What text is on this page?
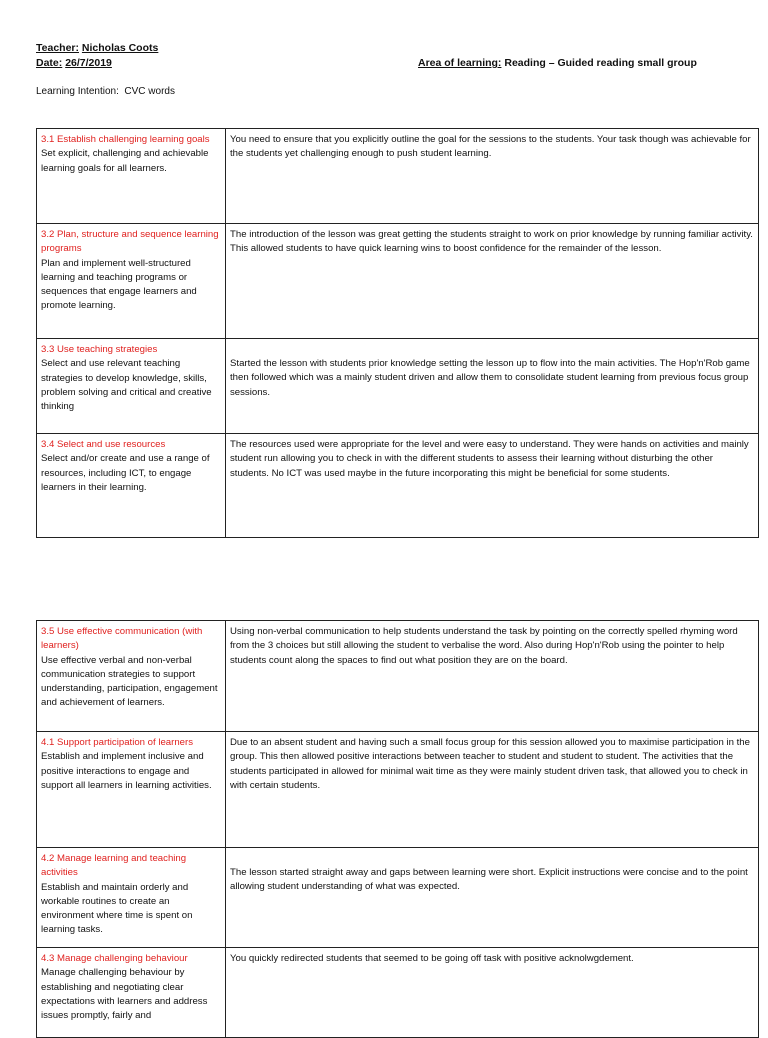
Teacher: Nicholas Coots
Date: 26/7/2019	Area of learning: Reading – Guided reading small group
Learning Intention: CVC words
3.1 Establish challenging learning goals
Set explicit, challenging and achievable learning goals for all learners.	You need to ensure that you explicitly outline the goal for the sessions to the students. Your task though was achievable for the students yet challenging enough to push student learning.

3.2 Plan, structure and sequence learning programs
Plan and implement well-structured learning and teaching programs or sequences that engage learners and promote learning.	The introduction of the lesson was great getting the students straight to work on prior knowledge by running familiar activity. This allowed students to have quick learning wins to boost confidence for the remainder of the lesson.

3.3 Use teaching strategies
Select and use relevant teaching strategies to develop knowledge, skills, problem solving and critical and creative thinking	Started the lesson with students prior knowledge setting the lesson up to flow into the main activities. The Hop'n'Rob game then followed which was a mainly student driven and allow them to consolidate student learning from previous focus group sessions.

3.4 Select and use resources
Select and/or create and use a range of resources, including ICT, to engage learners in their learning.	The resources used were appropriate for the level and were easy to understand. They were hands on activities and mainly student run allowing you to check in with the different students to assess their learning without disturbing the other students. No ICT was used maybe in the future incorporating this might be beneficial for some students.
3.5 Use effective communication (with learners)
Use effective verbal and non-verbal communication strategies to support understanding, participation, engagement and achievement of learners.	Using non-verbal communication to help students understand the task by pointing on the correctly spelled rhyming word from the 3 choices but still allowing the student to verbalise the word. Also during Hop'n'Rob using the pointer to help students count along the spaces to find out what position they are on the board.

4.1 Support participation of learners
Establish and implement inclusive and positive interactions to engage and support all learners in learning activities.	Due to an absent student and having such a small focus group for this session allowed you to maximise participation in the group. This then allowed positive interactions between teacher to student and student to student. The activities that the students participated in allowed for minimal wait time as they were mainly student driven task, that allowed you to check in with certain students.

4.2 Manage learning and teaching activities
Establish and maintain orderly and workable routines to create an environment where time is spent on learning tasks.	The lesson started straight away and gaps between learning were short. Explicit instructions were concise and to the point allowing student understanding of what was expected.

4.3 Manage challenging behaviour
Manage challenging behaviour by establishing and negotiating clear expectations with learners and address issues promptly, fairly and	You quickly redirected students that seemed to be going off task with positive acknolwgdement.
